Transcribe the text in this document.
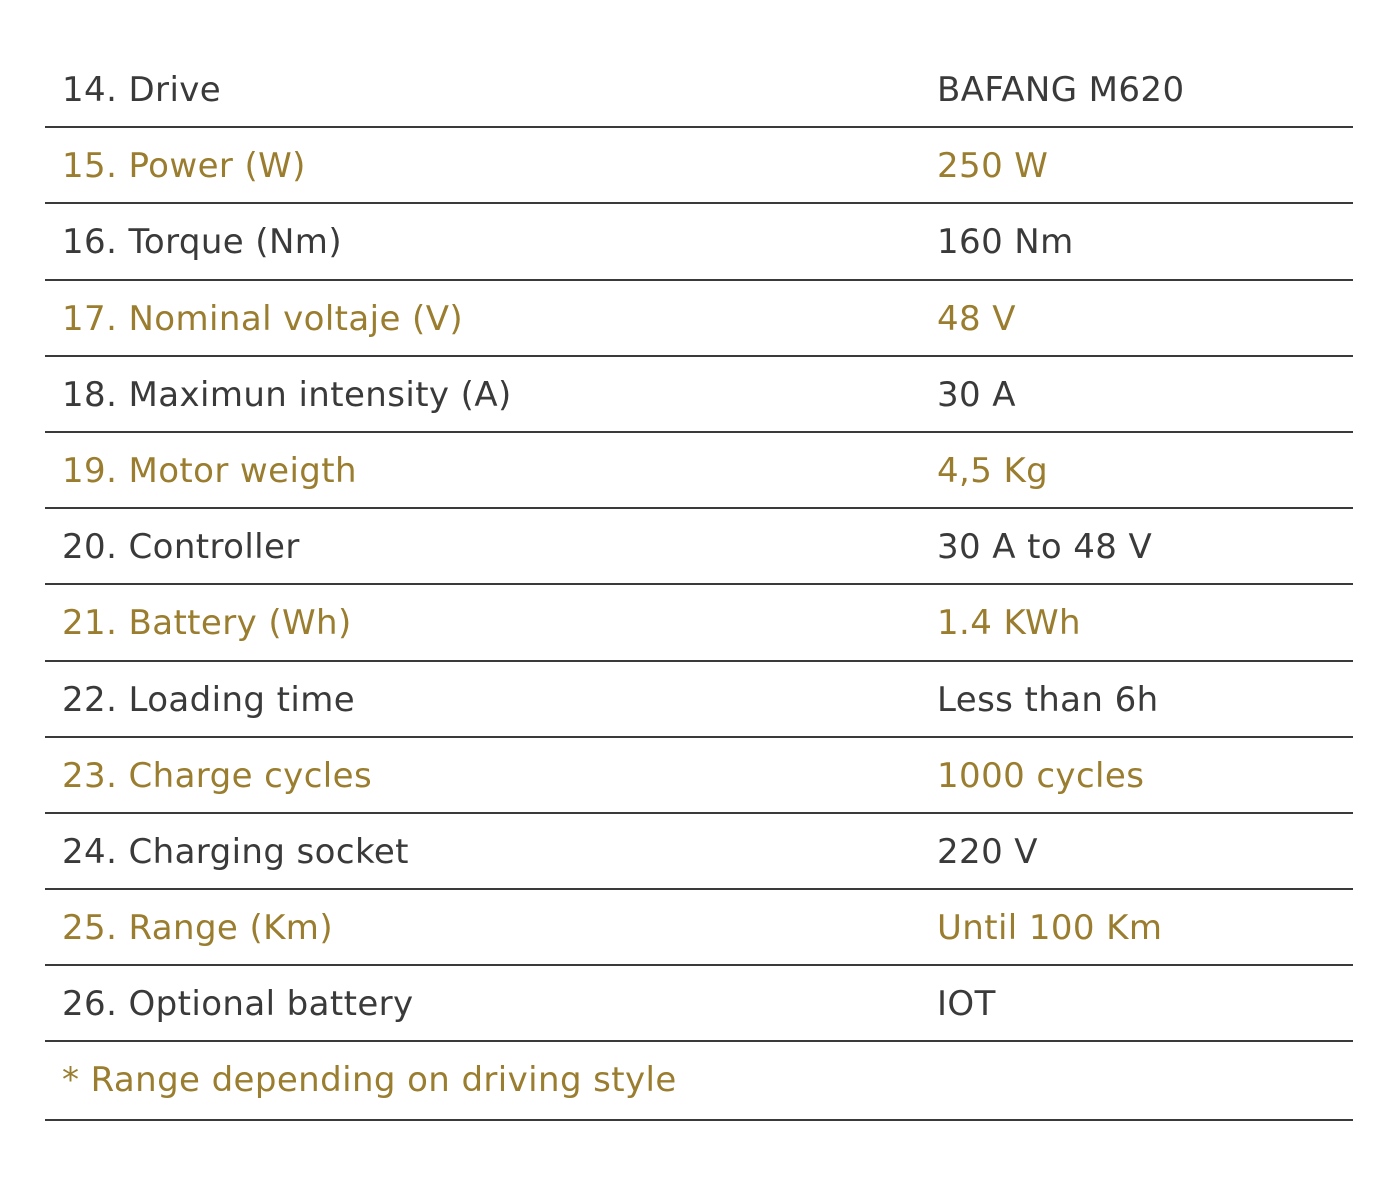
14. Drive	BAFANG M620
15. Power (W)	250 W
16. Torque (Nm)	160 Nm
17. Nominal voltaje (V)	48 V
18. Maximun intensity (A)	30 A
19. Motor weigth	4,5 Kg
20. Controller	30 A to 48 V
21. Battery (Wh)	1.4 KWh
22. Loading time	Less than 6h
23. Charge cycles	1000 cycles
24. Charging socket	220 V
25. Range (Km)	Until 100 Km
26. Optional battery	IOT
* Range depending on driving style
